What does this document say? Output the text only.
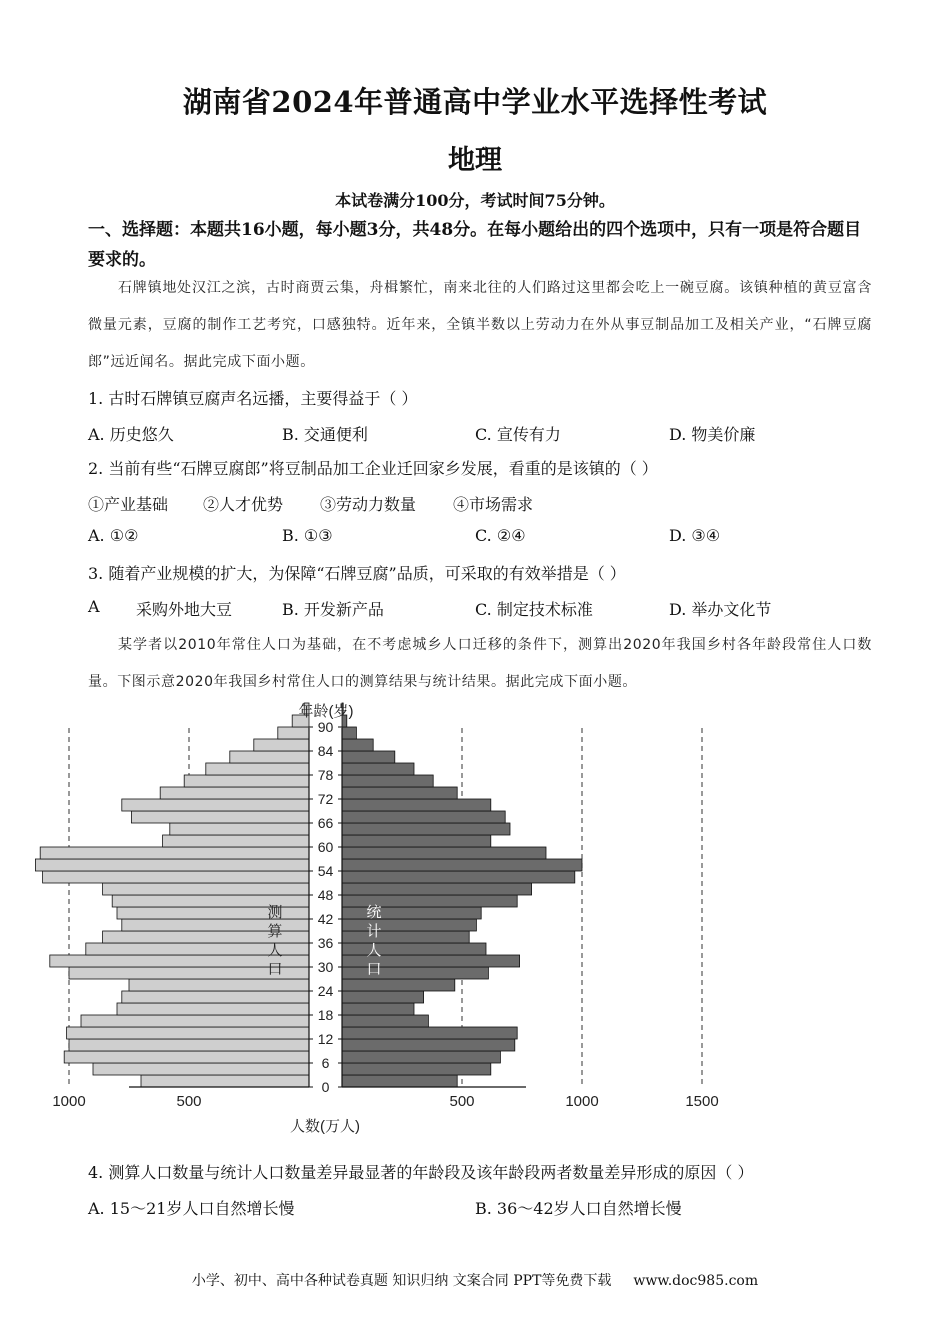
湖南省2024年普通高中学业水平选择性考试
地理
本试卷满分100分，考试时间75分钟。
一、选择题：本题共16小题，每小题3分，共48分。在每小题给出的四个选项中，只有一项是符合题目要求的。

石牌镇地处汉江之滨，古时商贾云集，舟楫繁忙，南来北往的人们路过这里都会吃上一碗豆腐。该镇种植的黄豆富含微量元素，豆腐的制作工艺考究，口感独特。近年来，全镇半数以上劳动力在外从事豆制品加工及相关产业，“石牌豆腐郎”远近闻名。据此完成下面小题。

1. 古时石牌镇豆腐声名远播，主要得益于（ ）
A. 历史悠久	B. 交通便利	C. 宣传有力	D. 物美价廉
2. 当前有些“石牌豆腐郎”将豆制品加工企业迁回家乡发展，看重的是该镇的（ ）
①产业基础 ②人才优势 ③劳动力数量 ④市场需求
A. ①②	B. ①③	C. ②④	D. ③④
3. 随着产业规模的扩大，为保障“石牌豆腐”品质，可采取的有效举措是（ ）
A 采购外地大豆	B. 开发新产品	C. 制定技术标准	D. 举办文化节

某学者以2010年常住人口为基础，在不考虑城乡人口迁移的条件下，测算出2020年我国乡村各年龄段常住人口数量。下图示意2020年我国乡村常住人口的测算结果与统计结果。据此完成下面小题。

测
算
人
口
统
计
人
口
0
6
12
18
24
30
36
42
48
54
60
66
72
78
84
90
1000	500	500	1000	1500
年龄(岁)
人数(万人)
4. 测算人口数量与统计人口数量差异最显著的年龄段及该年龄段两者数量差异形成的原因（ ）
A. 15～21岁人口自然增长慢	B. 36～42岁人口自然增长慢
小学、初中、高中各种试卷真题 知识归纳 文案合同 PPT等免费下载 www.doc985.com
